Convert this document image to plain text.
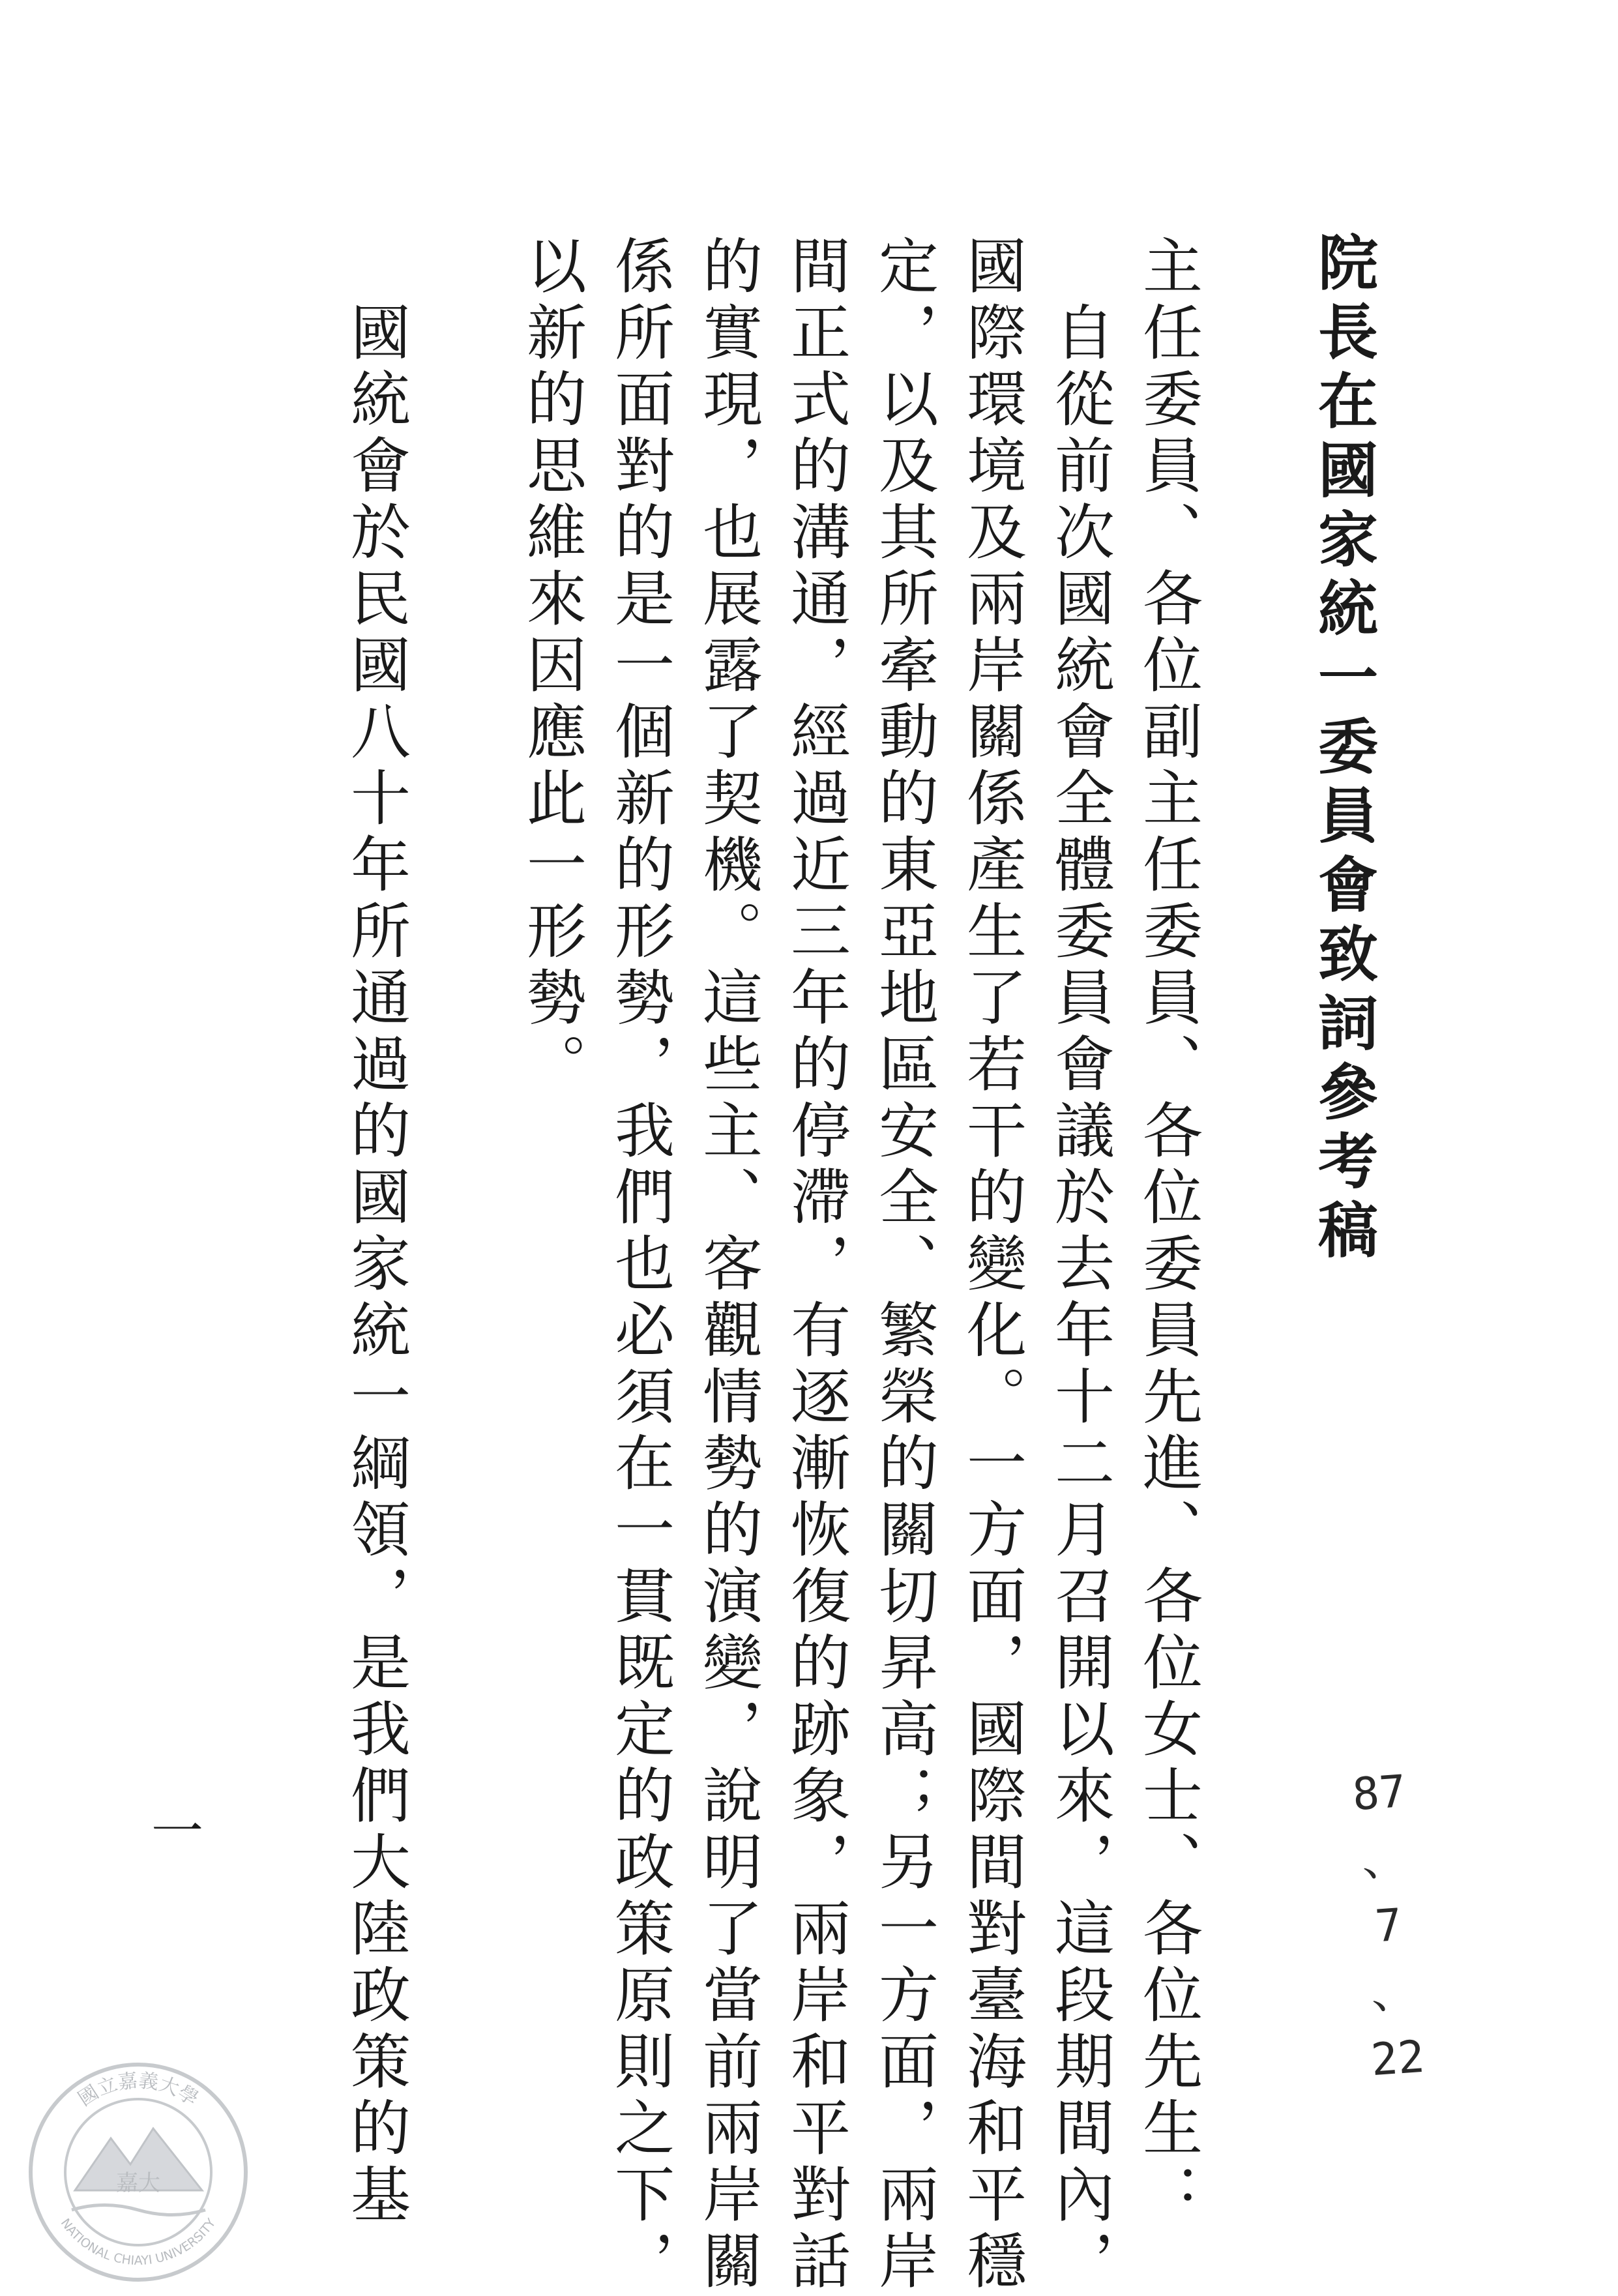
院長在國家統一委員會致詞參考稿
主任委員、各位副主任委員、各位委員先進、各位女士、各位先生：
　自從前次國統會全體委員會議於去年十二月召開以來，這段期間內，
國際環境及兩岸關係產生了若干的變化。一方面，國際間對臺海和平穩
定，以及其所牽動的東亞地區安全、繁榮的關切昇高；另一方面，兩岸
間正式的溝通，經過近三年的停滯，有逐漸恢復的跡象，兩岸和平對話
的實現，也展露了契機。這些主、客觀情勢的演變，說明了當前兩岸關
係所面對的是一個新的形勢，我們也必須在一貫既定的政策原則之下，
以新的思維來因應此一形勢。
　國統會於民國八十年所通過的國家統一綱領，是我們大陸政策的基	87
、
7
、
22
一
嘉大
國立嘉義大學
NATIONAL CHIAYI UNIVERSITY
